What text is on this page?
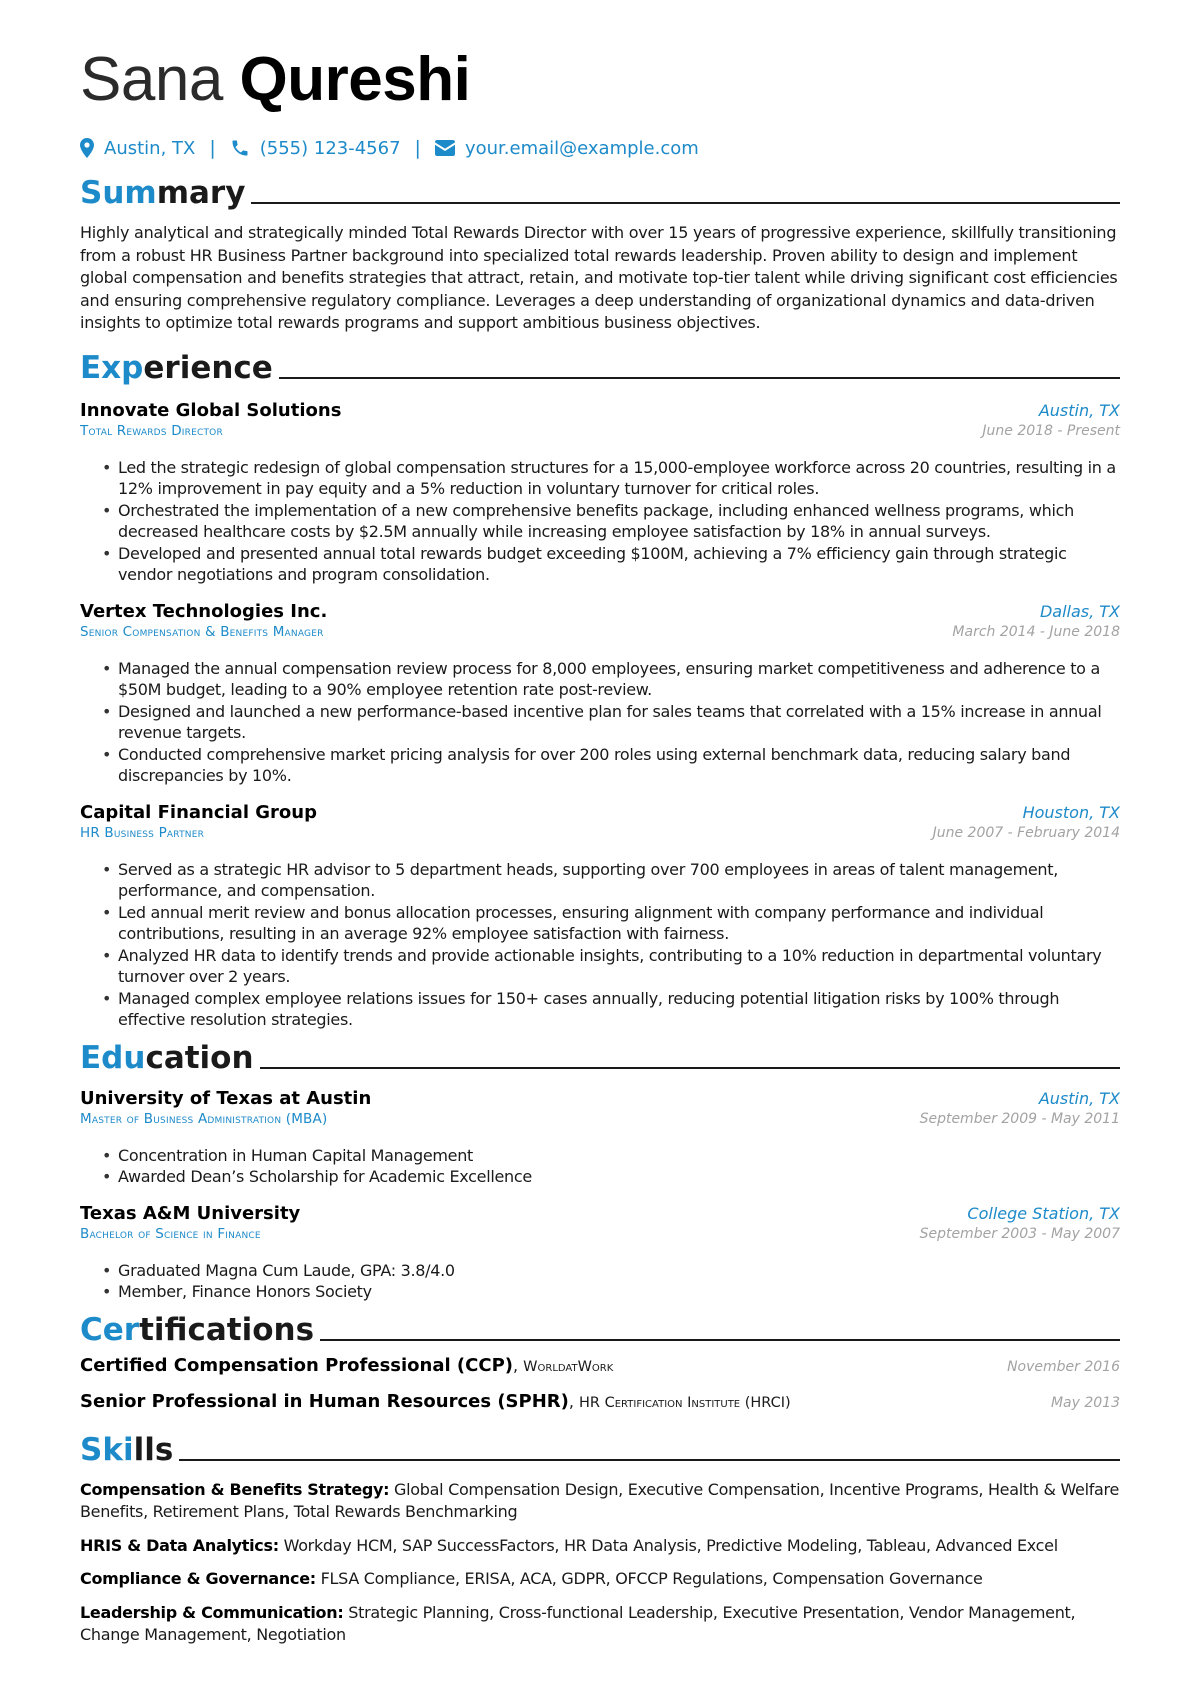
Sana Qureshi
Austin, TX | (555) 123-4567 | your.email@example.com
Summary

Highly analytical and strategically minded Total Rewards Director with over 15 years of progressive experience, skillfully transitioning from a robust HR Business Partner background into specialized total rewards leadership. Proven ability to design and implement global compensation and benefits strategies that attract, retain, and motivate top-tier talent while driving significant cost efficiencies and ensuring comprehensive regulatory compliance. Leverages a deep understanding of organizational dynamics and data-driven insights to optimize total rewards programs and support ambitious business objectives.

Experience
Innovate Global Solutions	Austin, TX
Total Rewards Director	June 2018 - Present
• Led the strategic redesign of global compensation structures for a 15,000-employee workforce across 20 countries, resulting in a 12% improvement in pay equity and a 5% reduction in voluntary turnover for critical roles.
• Orchestrated the implementation of a new comprehensive benefits package, including enhanced wellness programs, which decreased healthcare costs by $2.5M annually while increasing employee satisfaction by 18% in annual surveys.
• Developed and presented annual total rewards budget exceeding $100M, achieving a 7% efficiency gain through strategic vendor negotiations and program consolidation.
Vertex Technologies Inc.	Dallas, TX
Senior Compensation & Benefits Manager	March 2014 - June 2018
• Managed the annual compensation review process for 8,000 employees, ensuring market competitiveness and adherence to a $50M budget, leading to a 90% employee retention rate post-review.
• Designed and launched a new performance-based incentive plan for sales teams that correlated with a 15% increase in annual revenue targets.
• Conducted comprehensive market pricing analysis for over 200 roles using external benchmark data, reducing salary band discrepancies by 10%.
Capital Financial Group	Houston, TX
HR Business Partner	June 2007 - February 2014
• Served as a strategic HR advisor to 5 department heads, supporting over 700 employees in areas of talent management, performance, and compensation.
• Led annual merit review and bonus allocation processes, ensuring alignment with company performance and individual contributions, resulting in an average 92% employee satisfaction with fairness.
• Analyzed HR data to identify trends and provide actionable insights, contributing to a 10% reduction in departmental voluntary turnover over 2 years.
• Managed complex employee relations issues for 150+ cases annually, reducing potential litigation risks by 100% through effective resolution strategies.
Education
University of Texas at Austin	Austin, TX
Master of Business Administration (MBA)	September 2009 - May 2011
• Concentration in Human Capital Management
• Awarded Dean’s Scholarship for Academic Excellence
Texas A&M University	College Station, TX
Bachelor of Science in Finance	September 2003 - May 2007
• Graduated Magna Cum Laude, GPA: 3.8/4.0
• Member, Finance Honors Society
Certifications
Certified Compensation Professional (CCP), WorldatWork	November 2016
Senior Professional in Human Resources (SPHR), HR Certification Institute (HRCI)	May 2013
Skills
Compensation & Benefits Strategy: Global Compensation Design, Executive Compensation, Incentive Programs, Health & Welfare Benefits, Retirement Plans, Total Rewards Benchmarking
HRIS & Data Analytics: Workday HCM, SAP SuccessFactors, HR Data Analysis, Predictive Modeling, Tableau, Advanced Excel
Compliance & Governance: FLSA Compliance, ERISA, ACA, GDPR, OFCCP Regulations, Compensation Governance
Leadership & Communication: Strategic Planning, Cross-functional Leadership, Executive Presentation, Vendor Management, Change Management, Negotiation
